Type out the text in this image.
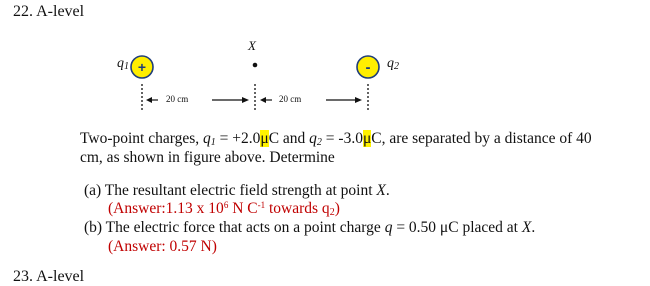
22. A-level
+	-
$q_1$	$q_2$
X
20 cm	20 cm
Two-point charges, $q_1 = +2.0\mu C$ and $q_2 = -3.0\mu C$, are separated by a distance of 40
cm, as shown in figure above. Determine
(a) The resultant electric field strength at point X.
(Answer:1.13 x $10^6$ N $C^{-1}$ towards $q_2$)
(b) The electric force that acts on a point charge q = 0.50 μC placed at X.
(Answer: 0.57 N)
23. A-level
